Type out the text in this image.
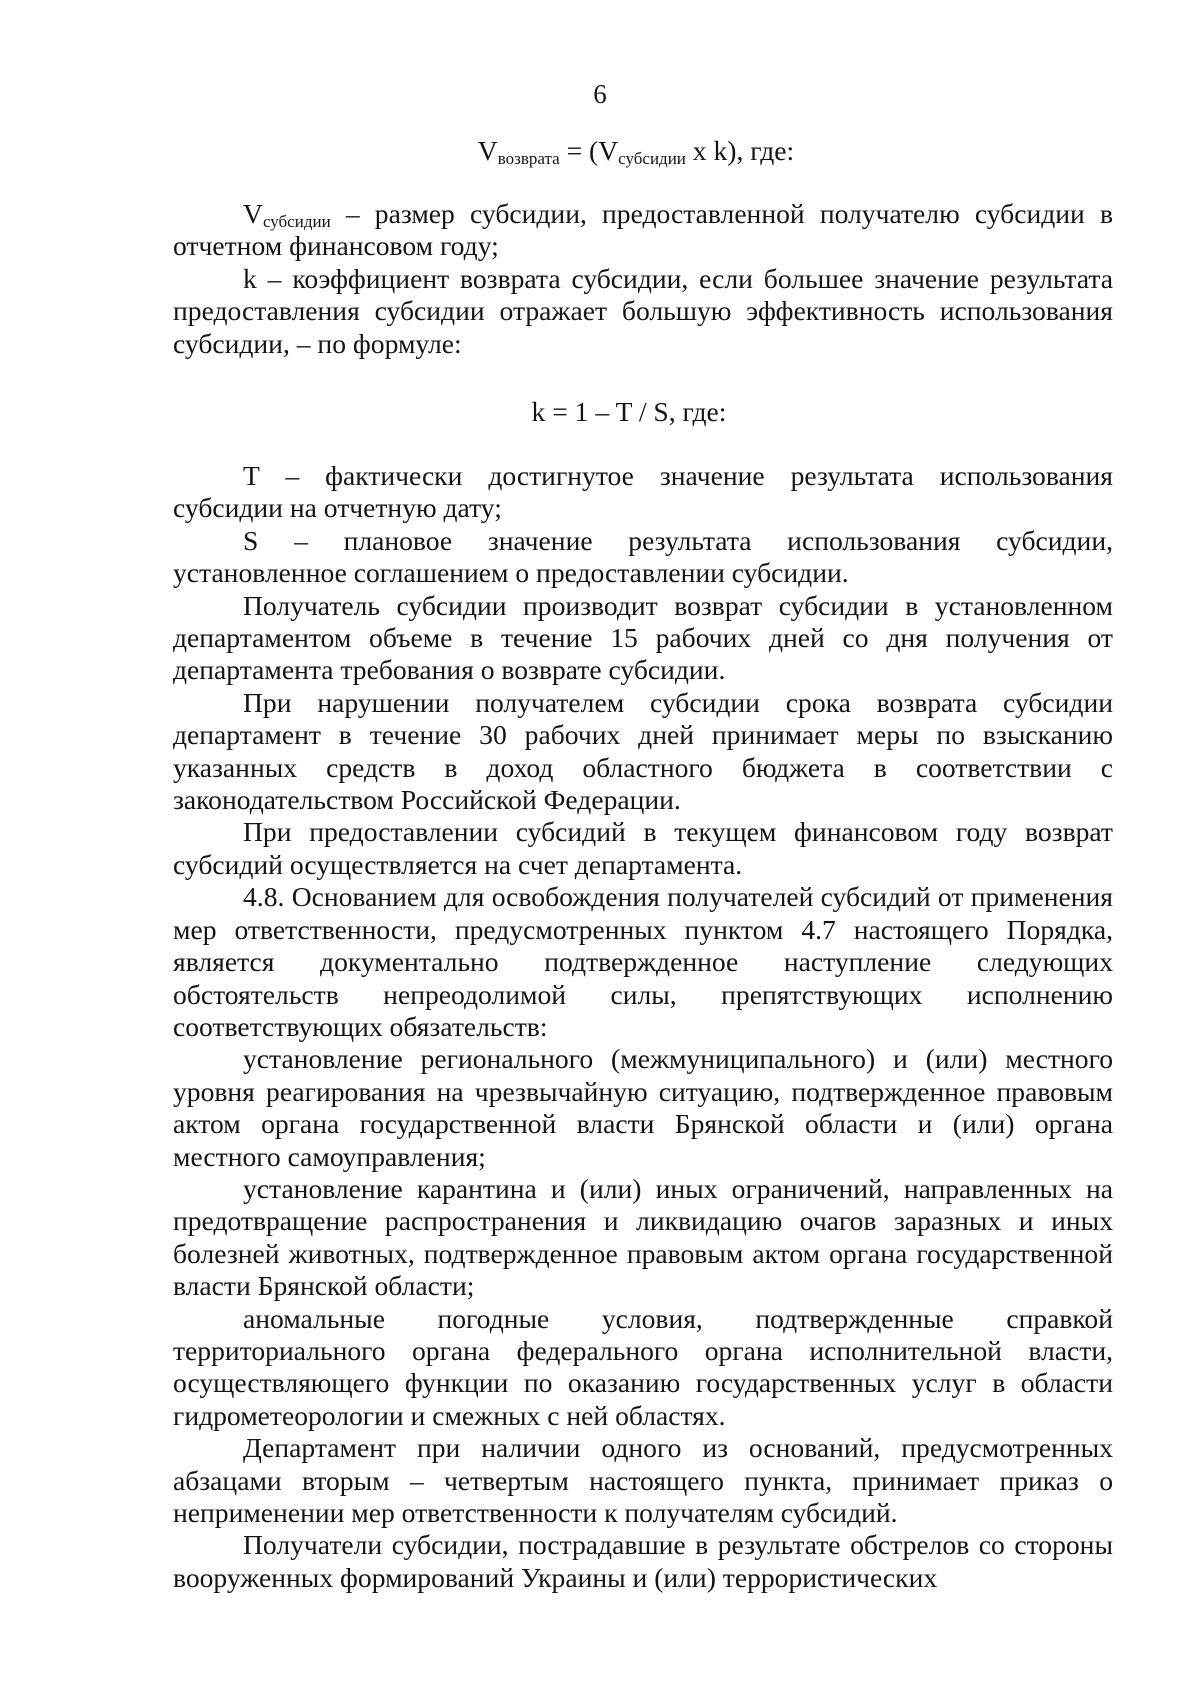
6
$V_{возврата} = (V_{субсидии}$ x k), где:

$V_{субсидии}$ – размер субсидии, предоставленной получателю субсидии в отчетном финансовом году;

k – коэффициент возврата субсидии, если большее значение результата предоставления субсидии отражает большую эффективность использования субсидии, – по формуле:

k = 1 – T / S, где:

T – фактически достигнутое значение результата использования субсидии на отчетную дату;

S – плановое значение результата использования субсидии, установленное соглашением о предоставлении субсидии.

Получатель субсидии производит возврат субсидии в установленном департаментом объеме в течение 15 рабочих дней со дня получения от департамента требования о возврате субсидии.

При нарушении получателем субсидии срока возврата субсидии департамент в течение 30 рабочих дней принимает меры по взысканию указанных средств в доход областного бюджета в соответствии с законодательством Российской Федерации.

При предоставлении субсидий в текущем финансовом году возврат субсидий осуществляется на счет департамента.

4.8. Основанием для освобождения получателей субсидий от применения мер ответственности, предусмотренных пунктом 4.7 настоящего Порядка, является документально подтвержденное наступление следующих обстоятельств непреодолимой силы, препятствующих исполнению соответствующих обязательств:

установление регионального (межмуниципального) и (или) местного уровня реагирования на чрезвычайную ситуацию, подтвержденное правовым актом органа государственной власти Брянской области и (или) органа местного самоуправления;

установление карантина и (или) иных ограничений, направленных на предотвращение распространения и ликвидацию очагов заразных и иных болезней животных, подтвержденное правовым актом органа государственной власти Брянской области;

аномальные погодные условия, подтвержденные справкой территориального органа федерального органа исполнительной власти, осуществляющего функции по оказанию государственных услуг в области гидрометеорологии и смежных с ней областях.

Департамент при наличии одного из оснований, предусмотренных абзацами вторым – четвертым настоящего пункта, принимает приказ о неприменении мер ответственности к получателям субсидий.

Получатели субсидии, пострадавшие в результате обстрелов со стороны вооруженных формирований Украины и (или) террористических
